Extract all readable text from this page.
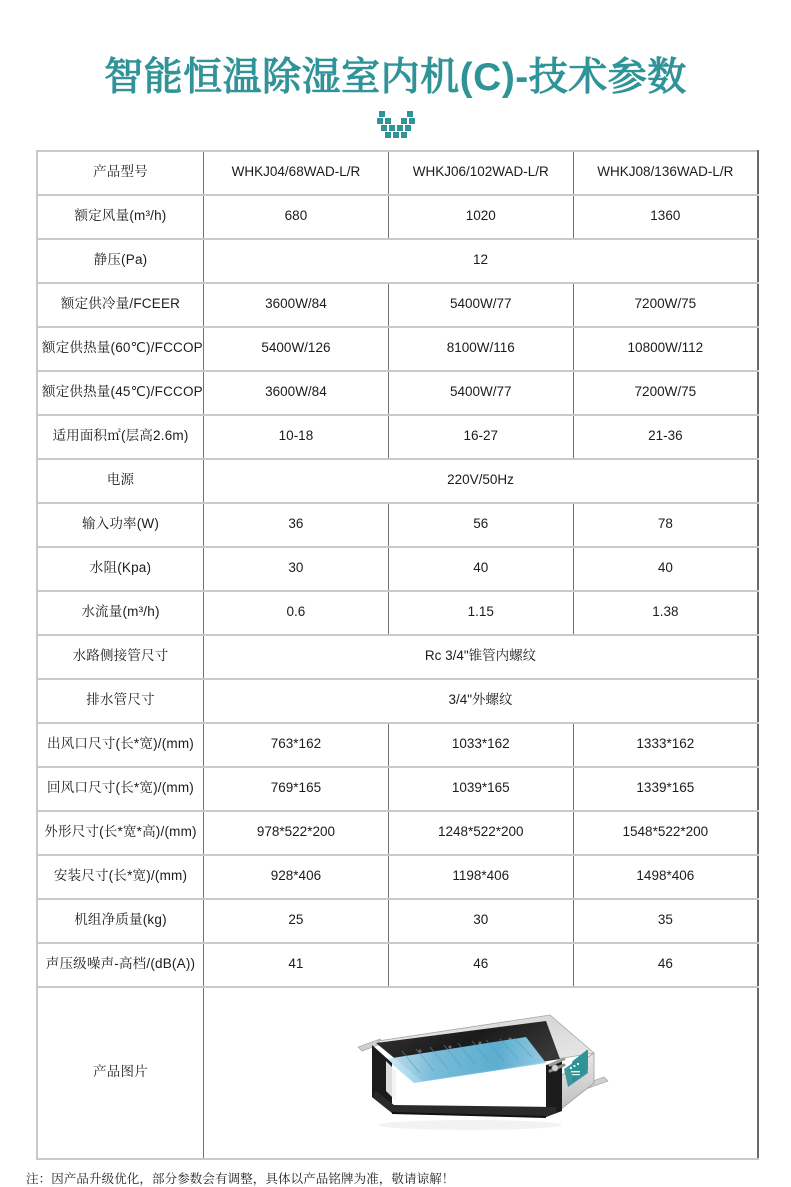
智能恒温除湿室内机(C)-技术参数
产品型号	WHKJ04/68WAD-L/R	WHKJ06/102WAD-L/R	WHKJ08/136WAD-L/R
额定风量(m³/h)	680	1020	1360
静压(Pa)	12		
额定供冷量/FCEER	3600W/84	5400W/77	7200W/75
额定供热量(60℃)/FCCOP	5400W/126	8100W/116	10800W/112
额定供热量(45℃)/FCCOP	3600W/84	5400W/77	7200W/75
适用面积㎡(层高2.6m)	10-18	16-27	21-36
电源	220V/50Hz		
输入功率(W)	36	56	78
水阻(Kpa)	30	40	40
水流量(m³/h)	0.6	1.15	1.38
水路侧接管尺寸	Rc 3/4"锥管内螺纹		
排水管尺寸	3/4"外螺纹		
出风口尺寸(长*宽)/(mm)	763*162	1033*162	1333*162
回风口尺寸(长*宽)/(mm)	769*165	1039*165	1339*165
外形尺寸(长*宽*高)/(mm)	978*522*200	1248*522*200	1548*522*200
安装尺寸(长*宽)/(mm)	928*406	1198*406	1498*406
机组净质量(kg)	25	30	35
声压级噪声-高档/(dB(A))	41	46	46
产品图片	
注：因产品升级优化，部分参数会有调整，具体以产品铭牌为准，敬请谅解！
